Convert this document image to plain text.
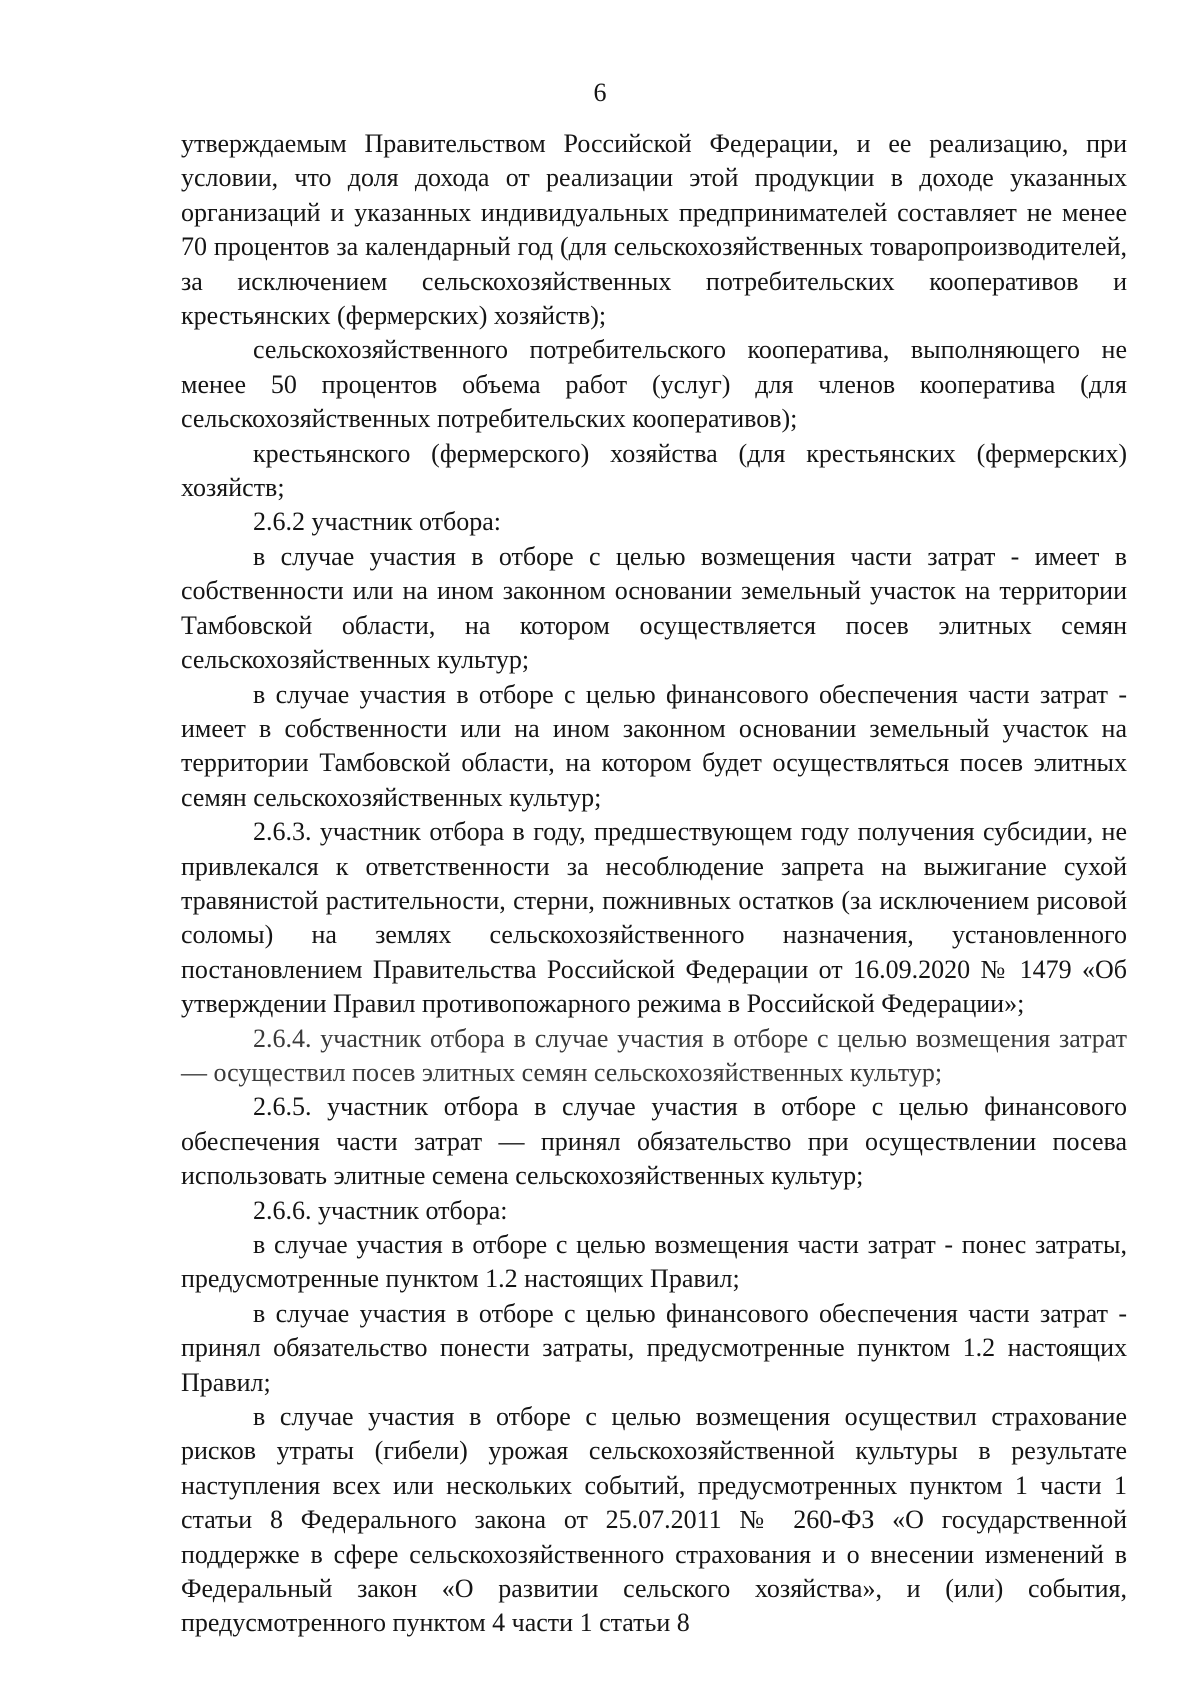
6

утверждаемым Правительством Российской Федерации, и ее реализацию, при условии, что доля дохода от реализации этой продукции в доходе указанных организаций и указанных индивидуальных предпринимателей составляет не менее 70 процентов за календарный год (для сельскохозяйственных товаропроизводителей, за исключением сельскохозяйственных потребительских кооперативов и крестьянских (фермерских) хозяйств);

сельскохозяйственного потребительского кооператива, выполняющего не менее 50 процентов объема работ (услуг) для членов кооператива (для сельскохозяйственных потребительских кооперативов);

крестьянского (фермерского) хозяйства (для крестьянских (фермерских) хозяйств;

2.6.2 участник отбора:

в случае участия в отборе с целью возмещения части затрат - имеет в собственности или на ином законном основании земельный участок на территории Тамбовской области, на котором осуществляется посев элитных семян сельскохозяйственных культур;

в случае участия в отборе с целью финансового обеспечения части затрат - имеет в собственности или на ином законном основании земельный участок на территории Тамбовской области, на котором будет осуществляться посев элитных семян сельскохозяйственных культур;

2.6.3. участник отбора в году, предшествующем году получения субсидии, не привлекался к ответственности за несоблюдение запрета на выжигание сухой травянистой растительности, стерни, пожнивных остатков (за исключением рисовой соломы) на землях сельскохозяйственного назначения, установленного постановлением Правительства Российской Федерации от 16.09.2020 № 1479 «Об утверждении Правил противопожарного режима в Российской Федерации»;

2.6.4. участник отбора в случае участия в отборе с целью возмещения затрат — осуществил посев элитных семян сельскохозяйственных культур;

2.6.5. участник отбора в случае участия в отборе с целью финансового обеспечения части затрат — принял обязательство при осуществлении посева использовать элитные семена сельскохозяйственных культур;

2.6.6. участник отбора:

в случае участия в отборе с целью возмещения части затрат - понес затраты, предусмотренные пунктом 1.2 настоящих Правил;

в случае участия в отборе с целью финансового обеспечения части затрат - принял обязательство понести затраты, предусмотренные пунктом 1.2 настоящих Правил;

в случае участия в отборе с целью возмещения осуществил страхование рисков утраты (гибели) урожая сельскохозяйственной культуры в результате наступления всех или нескольких событий, предусмотренных пунктом 1 части 1 статьи 8 Федерального закона от 25.07.2011 № 260-ФЗ «О государственной поддержке в сфере сельскохозяйственного страхования и о внесении изменений в Федеральный закон «О развитии сельского хозяйства», и (или) события, предусмотренного пунктом 4 части 1 статьи 8
